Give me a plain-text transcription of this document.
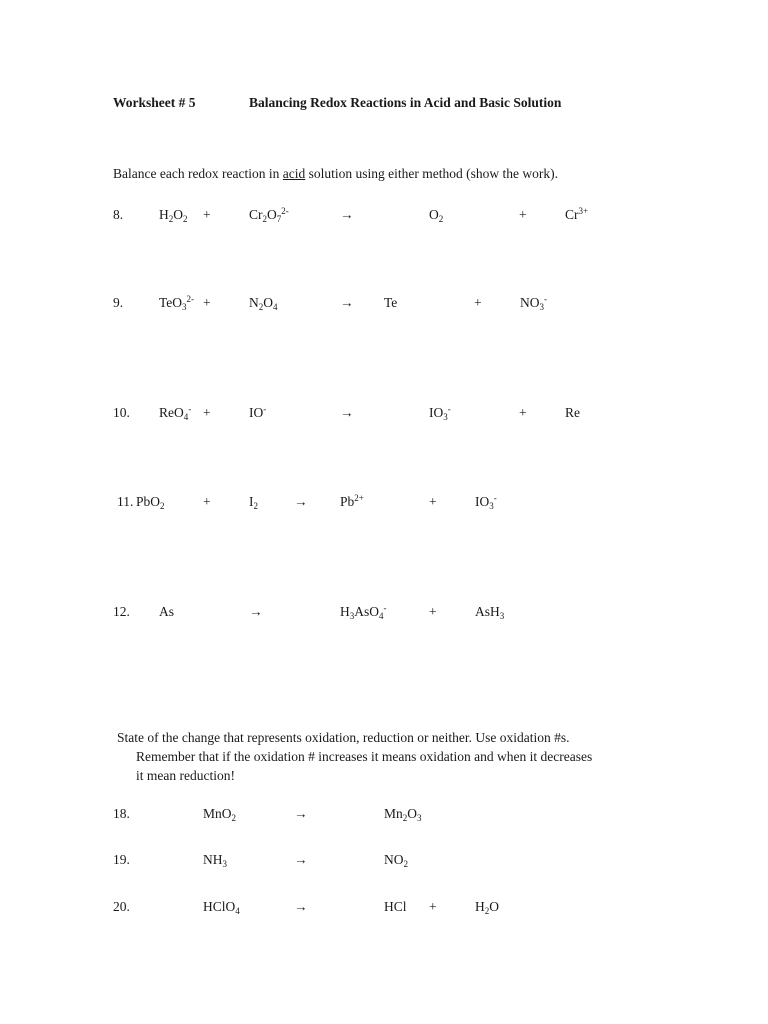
Worksheet # 5	Balancing Redox Reactions in Acid and Basic Solution
Balance each redox reaction in acid solution using either method (show the work).
8.	$H_2O_2$ +	$Cr_2O_7^{2-}$	→	$O_2$	+	$Cr^{3+}$
9.	TeO$_3^{2-}$ +	$N_2O_4$	→ Te	+	$NO_3^-$
10. ReO$_4$- +	IO-	→	$IO_3^-$	+	Re
11. PbO$_2$	+	$I_2$	→ $Pb^{2+}$	+	$IO_3^-$
12. As	→	$H_3AsO_4^-$	+	AsH$_3$
State of the change that represents oxidation, reduction or neither. Use oxidation #s.
Remember that if the oxidation # increases it means oxidation and when it decreases
it mean reduction!
18.	MnO$_2$	→	$Mn_2O_3$
19.	$NH_3$	→	$NO_2$
20.	HClO$_4$	→	HCl +	$H_2O$
